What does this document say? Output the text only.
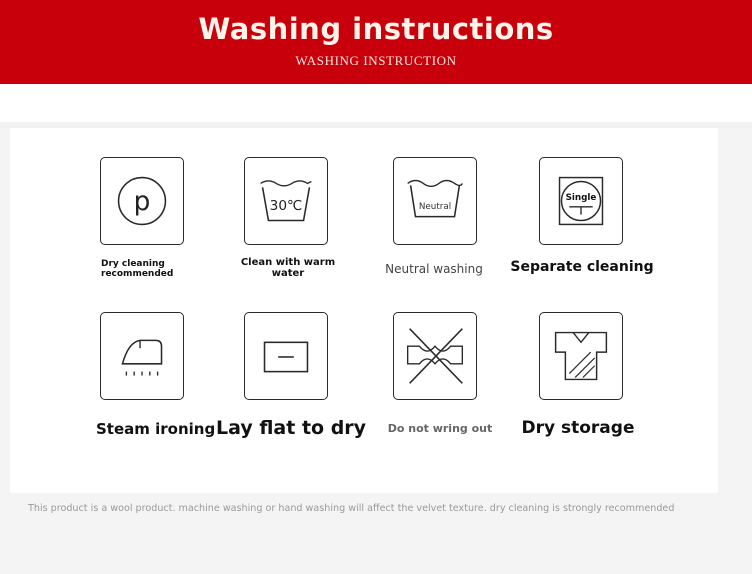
Washing instructions
WASHING INSTRUCTION
p
Dry cleaning
recommended
30℃
Clean with warm
water
Neutral
Neutral washing
Single
Separate cleaning
Steam ironing Lay flat to dry	Do not wring out	Dry storage
This product is a wool product. machine washing or hand washing will affect the velvet texture. dry cleaning is strongly recommended
